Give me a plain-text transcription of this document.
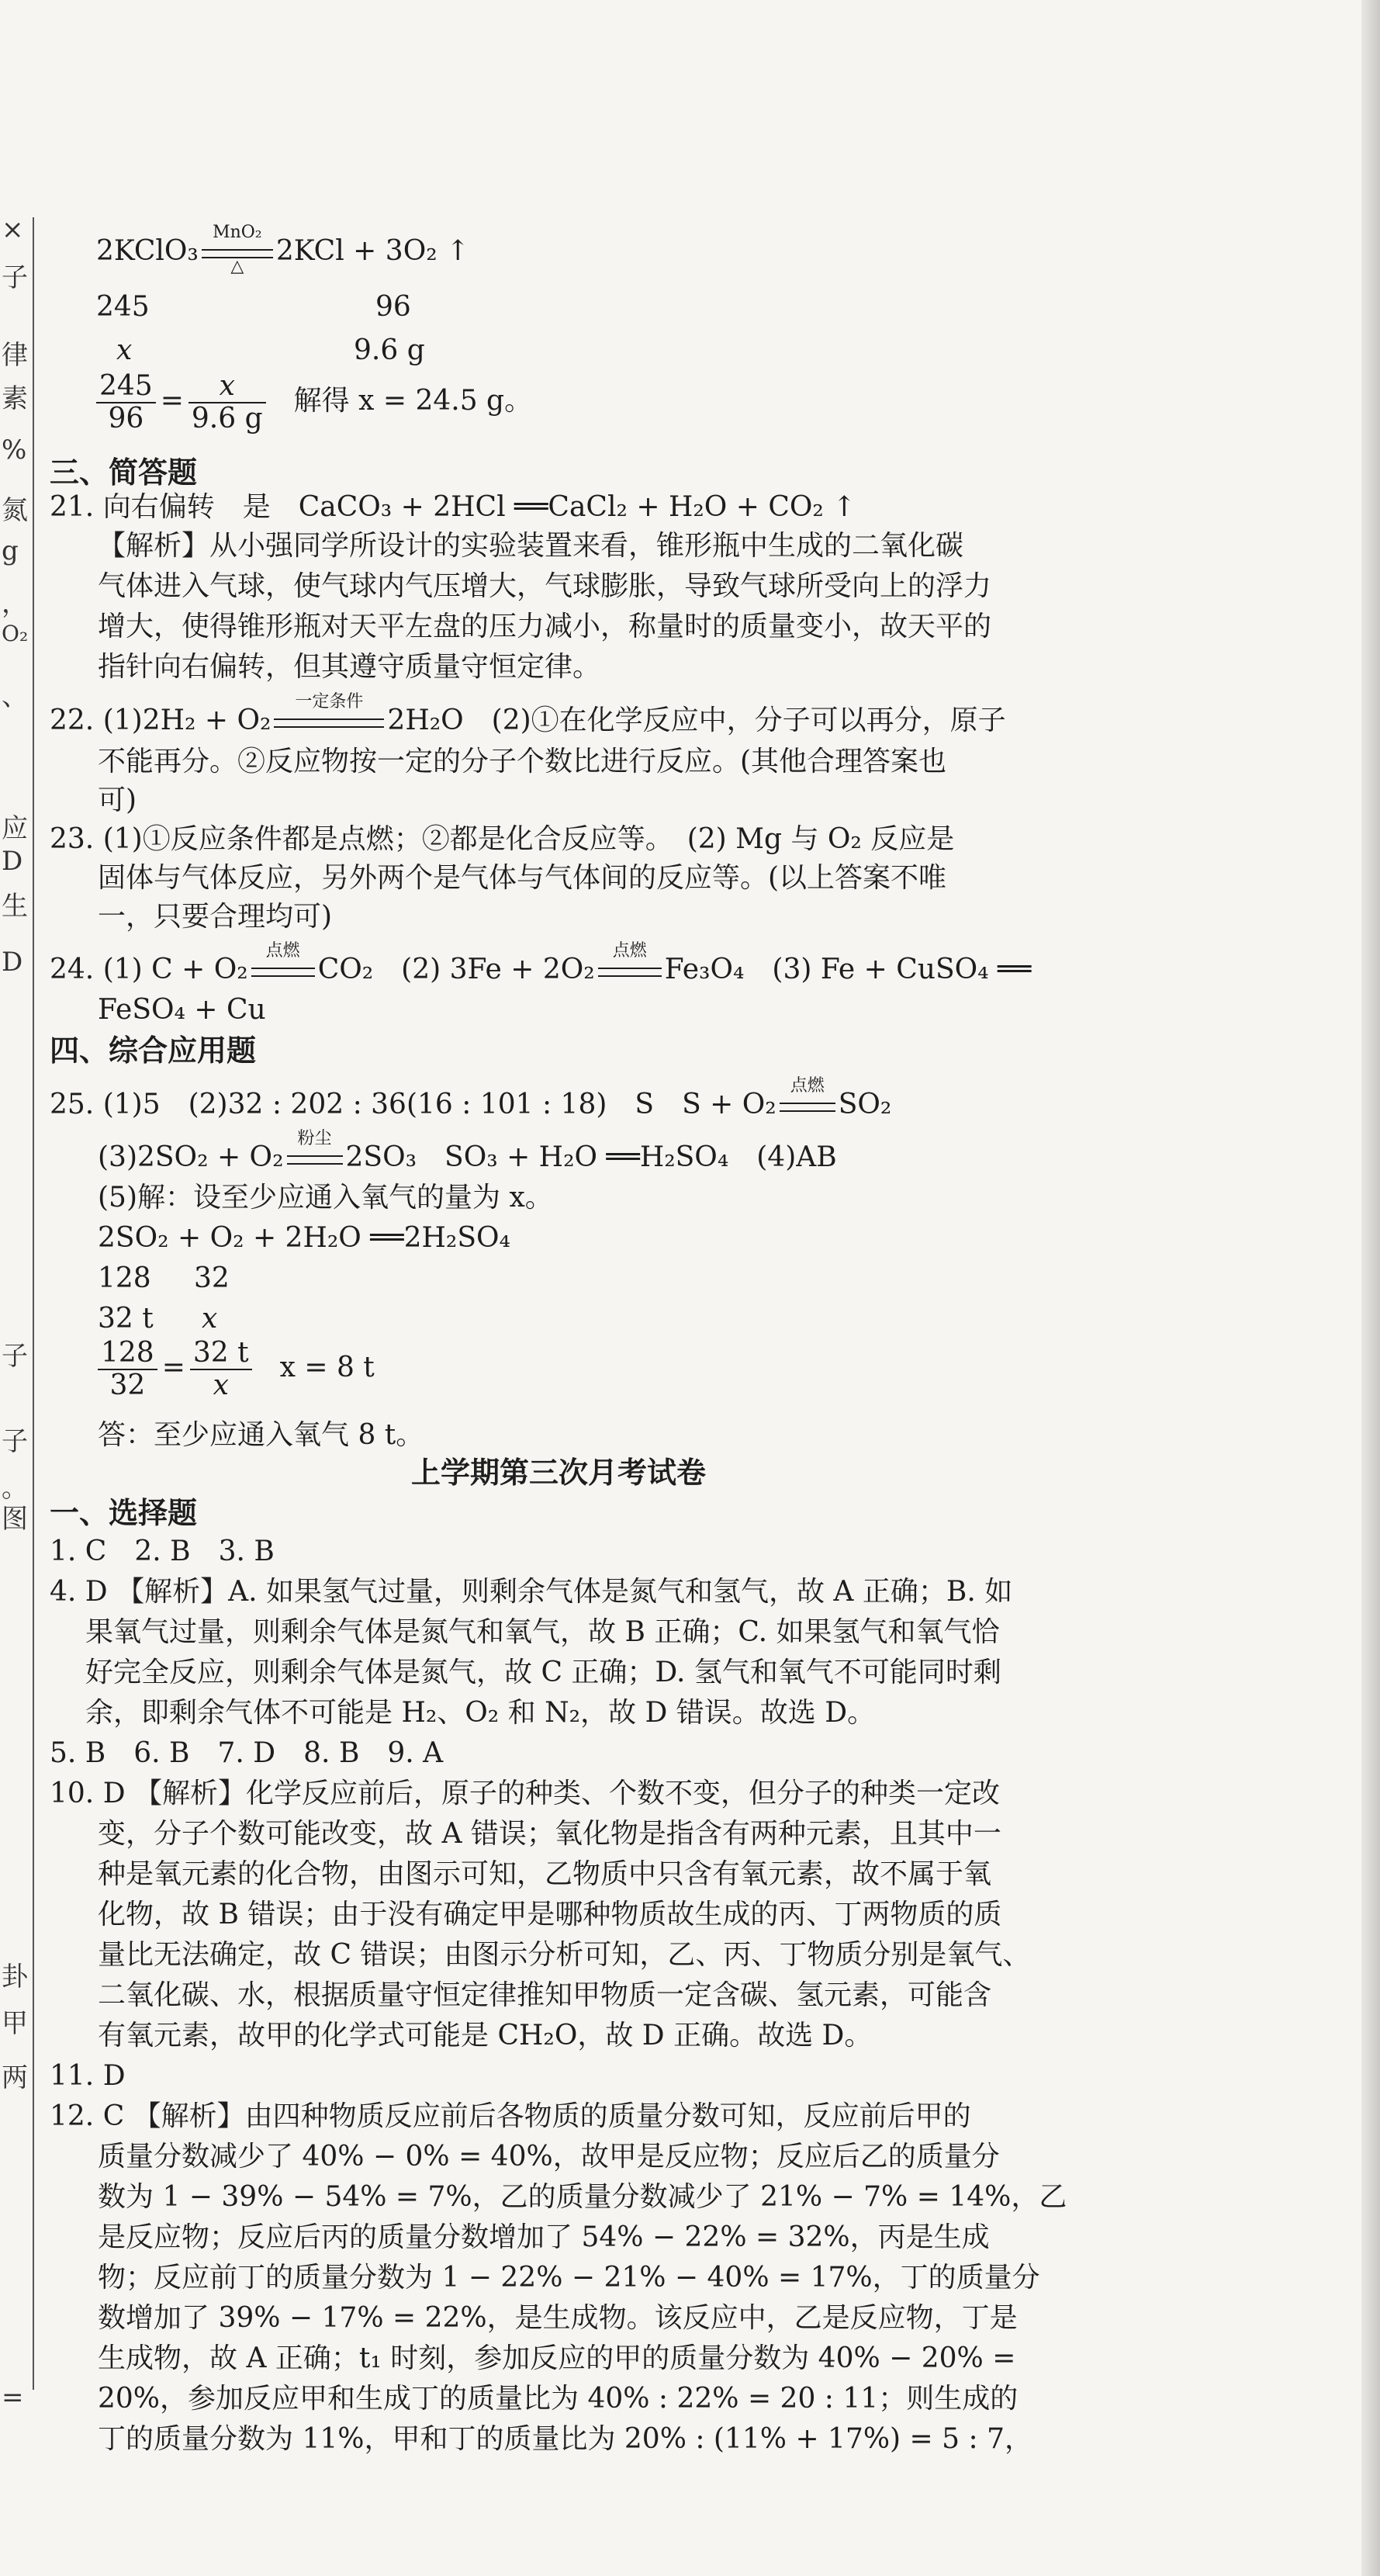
×
子
律
素
%
氮
g
，
O₂
、
应
D
生
D
子
子
。
图
卦
甲
两
=
2KClO₃
MnO₂
△	2KCl + 3O₂ ↑
245	96
x	9.6 g
$\frac{245}{96} = \frac{x}{9.6 g}$ 解得 x = 24.5 g。
三、简答题
21. 向右偏转　是　CaCO₃ + 2HCl ══CaCl₂ + H₂O + CO₂ ↑
【解析】从小强同学所设计的实验装置来看，锥形瓶中生成的二氧化碳
气体进入气球，使气球内气压增大，气球膨胀，导致气球所受向上的浮力
增大，使得锥形瓶对天平左盘的压力减小，称量时的质量变小，故天平的
指针向右偏转，但其遵守质量守恒定律。
22. (1)2H₂ + O₂
一定条件
2H₂O　(2)①在化学反应中，分子可以再分，原子
不能再分。②反应物按一定的分子个数比进行反应。(其他合理答案也
可)
23. (1)①反应条件都是点燃；②都是化合反应等。　(2) Mg 与 O₂ 反应是
固体与气体反应，另外两个是气体与气体间的反应等。(以上答案不唯
一，只要合理均可)
24. (1) C + O₂
点燃
CO₂　(2) 3Fe + 2O₂
点燃
Fe₃O₄　(3) Fe + CuSO₄ ══
FeSO₄ + Cu
四、综合应用题
25. (1)5　(2)32 : 202 : 36(16 : 101 : 18)　S　S + O₂
点燃
SO₂
(3)2SO₂ + O₂
粉尘
2SO₃　SO₃ + H₂O ══H₂SO₄　(4)AB
(5)解：设至少应通入氧气的量为 x。
2SO₂ + O₂ + 2H₂O ══2H₂SO₄
128 32
32 t x
$\frac{128}{32} = \frac{32 t}{x}$ x = 8 t
答：至少应通入氧气 8 t。
上学期第三次月考试卷
一、选择题
1. C　2. B　3. B
4. D 【解析】A. 如果氢气过量，则剩余气体是氮气和氢气，故 A 正确；B. 如
果氧气过量，则剩余气体是氮气和氧气，故 B 正确；C. 如果氢气和氧气恰
好完全反应，则剩余气体是氮气，故 C 正确；D. 氢气和氧气不可能同时剩
余，即剩余气体不可能是 H₂、O₂ 和 N₂，故 D 错误。故选 D。
5. B　6. B　7. D　8. B　9. A
10. D 【解析】化学反应前后，原子的种类、个数不变，但分子的种类一定改
变，分子个数可能改变，故 A 错误；氧化物是指含有两种元素，且其中一
种是氧元素的化合物，由图示可知，乙物质中只含有氧元素，故不属于氧
化物，故 B 错误；由于没有确定甲是哪种物质故生成的丙、丁两物质的质
量比无法确定，故 C 错误；由图示分析可知，乙、丙、丁物质分别是氧气、
二氧化碳、水，根据质量守恒定律推知甲物质一定含碳、氢元素，可能含
有氧元素，故甲的化学式可能是 CH₂O，故 D 正确。故选 D。
11. D
12. C 【解析】由四种物质反应前后各物质的质量分数可知，反应前后甲的
质量分数减少了 40% − 0% = 40%，故甲是反应物；反应后乙的质量分
数为 1 − 39% − 54% = 7%，乙的质量分数减少了 21% − 7% = 14%，乙
是反应物；反应后丙的质量分数增加了 54% − 22% = 32%，丙是生成
物；反应前丁的质量分数为 1 − 22% − 21% − 40% = 17%，丁的质量分
数增加了 39% − 17% = 22%，是生成物。该反应中，乙是反应物，丁是
生成物，故 A 正确；t₁ 时刻，参加反应的甲的质量分数为 40% − 20% =
20%，参加反应甲和生成丁的质量比为 40% : 22% = 20 : 11；则生成的
丁的质量分数为 11%，甲和丁的质量比为 20% : (11% + 17%) = 5 : 7，
